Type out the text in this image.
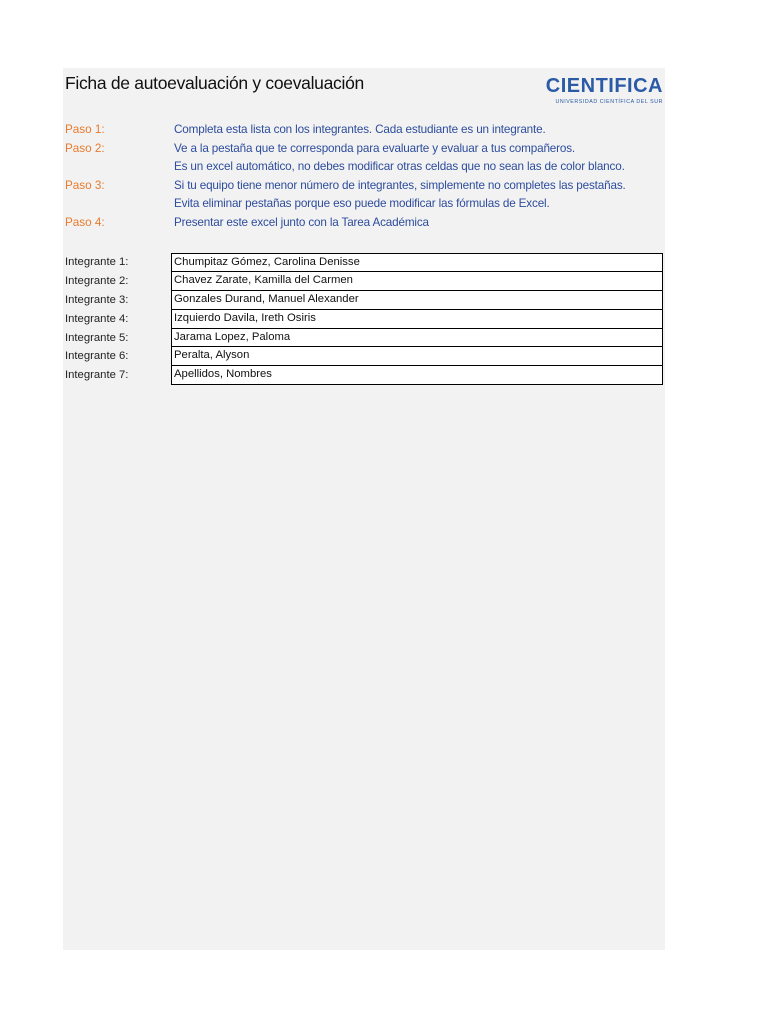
Ficha de autoevaluación y coevaluación	CIENTIFICA
UNIVERSIDAD CIENTÍFICA DEL SUR
Paso 1:	Completa esta lista con los integrantes. Cada estudiante es un integrante.
Paso 2:	Ve a la pestaña que te corresponda para evaluarte y evaluar a tus compañeros.
Es un excel automático, no debes modificar otras celdas que no sean las de color blanco.
Paso 3:	Si tu equipo tiene menor número de integrantes, simplemente no completes las pestañas.
Evita eliminar pestañas porque eso puede modificar las fórmulas de Excel.
Paso 4:	Presentar este excel junto con la Tarea Académica
Integrante 1:	Chumpitaz Gómez, Carolina Denisse
Integrante 2:	Chavez Zarate, Kamilla del Carmen
Integrante 3:	Gonzales Durand, Manuel Alexander
Integrante 4:	Izquierdo Davila, Ireth Osiris
Integrante 5:	Jarama Lopez, Paloma
Integrante 6:	Peralta, Alyson
Integrante 7:	Apellidos, Nombres
